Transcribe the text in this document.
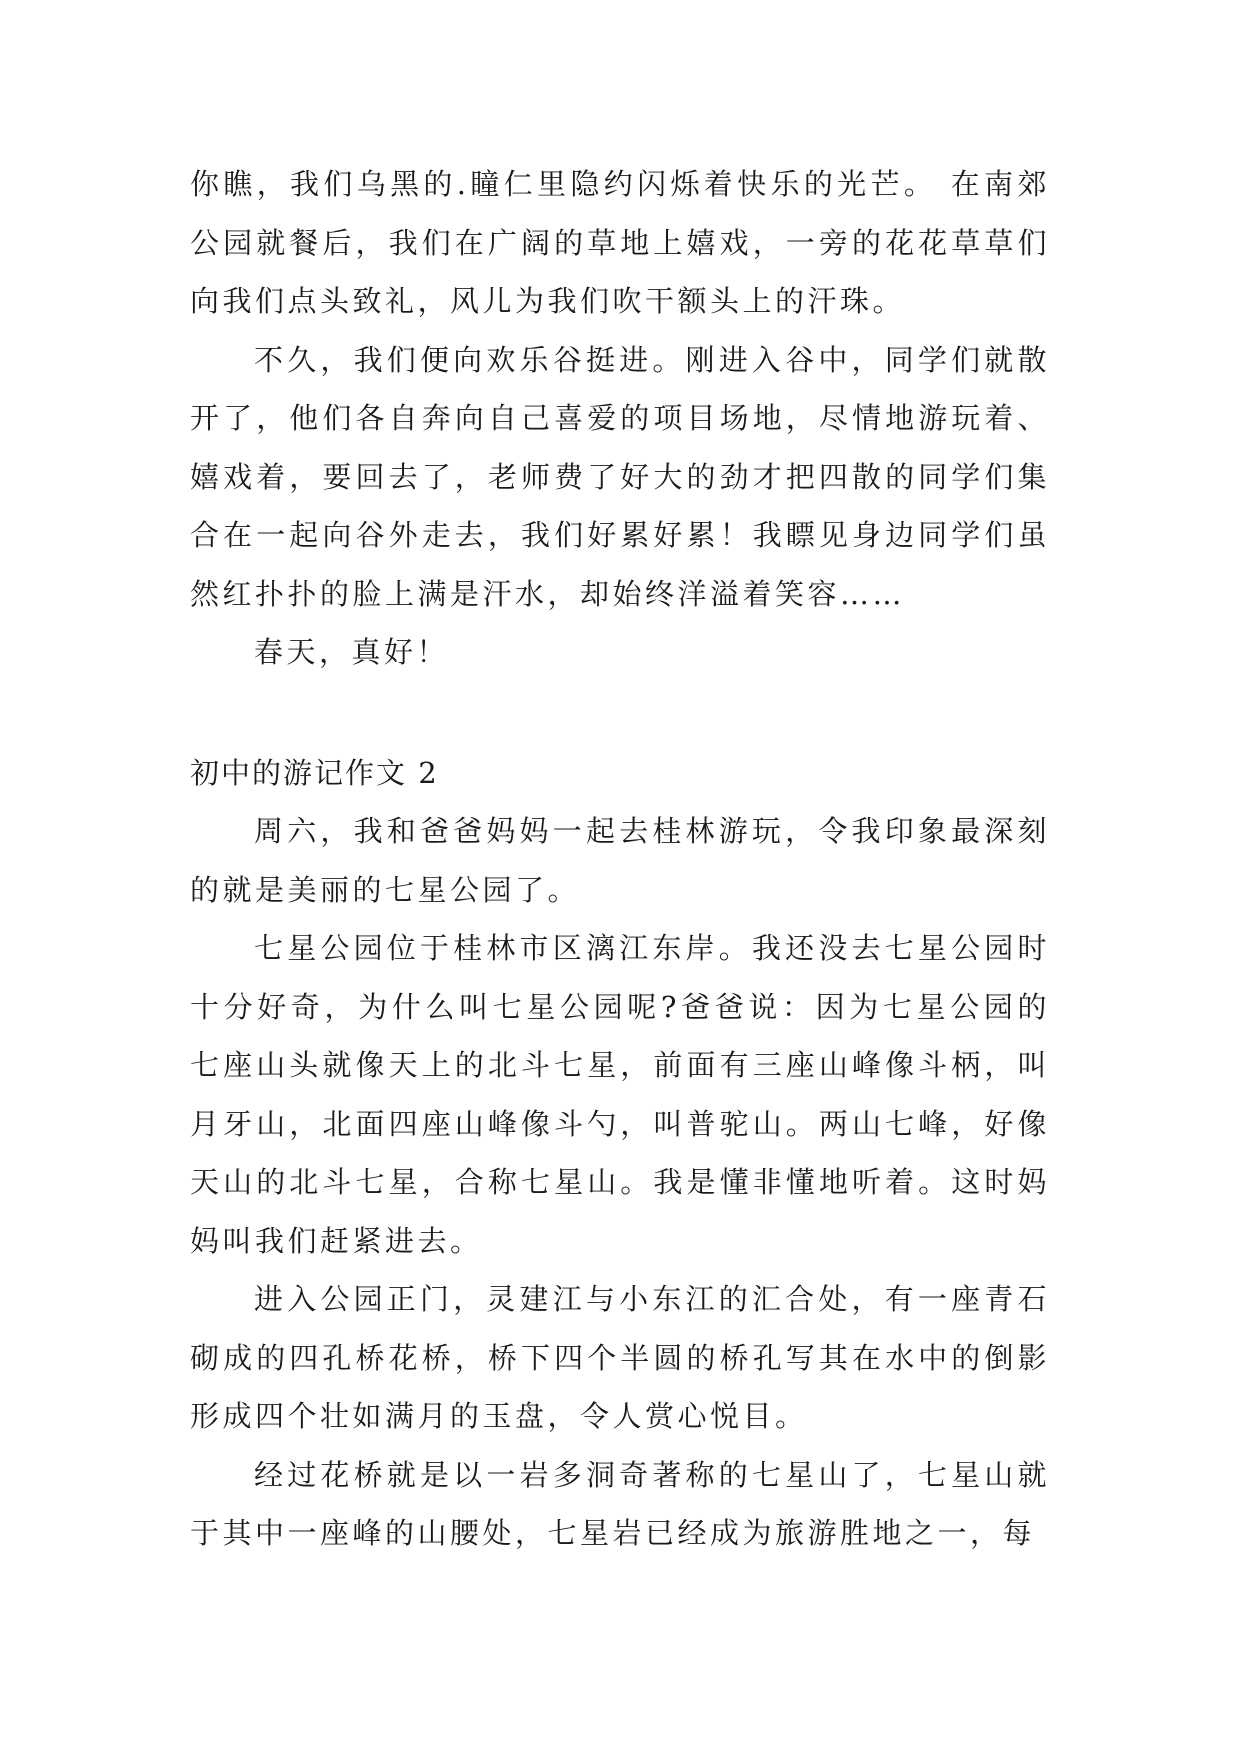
你瞧，我们乌黑的.瞳仁里隐约闪烁着快乐的光芒。 在南郊公园就餐后，我们在广阔的草地上嬉戏，一旁的花花草草们向我们点头致礼，风儿为我们吹干额头上的汗珠。

不久，我们便向欢乐谷挺进。刚进入谷中，同学们就散开了，他们各自奔向自己喜爱的项目场地，尽情地游玩着、嬉戏着，要回去了，老师费了好大的劲才把四散的同学们集合在一起向谷外走去，我们好累好累！我瞟见身边同学们虽然红扑扑的脸上满是汗水，却始终洋溢着笑容……

春天，真好！

初中的游记作文 2

周六，我和爸爸妈妈一起去桂林游玩，令我印象最深刻的就是美丽的七星公园了。

七星公园位于桂林市区漓江东岸。我还没去七星公园时十分好奇，为什么叫七星公园呢?爸爸说：因为七星公园的七座山头就像天上的北斗七星，前面有三座山峰像斗柄，叫月牙山，北面四座山峰像斗勺，叫普驼山。两山七峰，好像天山的北斗七星，合称七星山。我是懂非懂地听着。这时妈妈叫我们赶紧进去。

进入公园正门，灵建江与小东江的汇合处，有一座青石砌成的四孔桥花桥，桥下四个半圆的桥孔写其在水中的倒影形成四个壮如满月的玉盘，令人赏心悦目。

经过花桥就是以一岩多洞奇著称的七星山了，七星山就于其中一座峰的山腰处，七星岩已经成为旅游胜地之一，每
